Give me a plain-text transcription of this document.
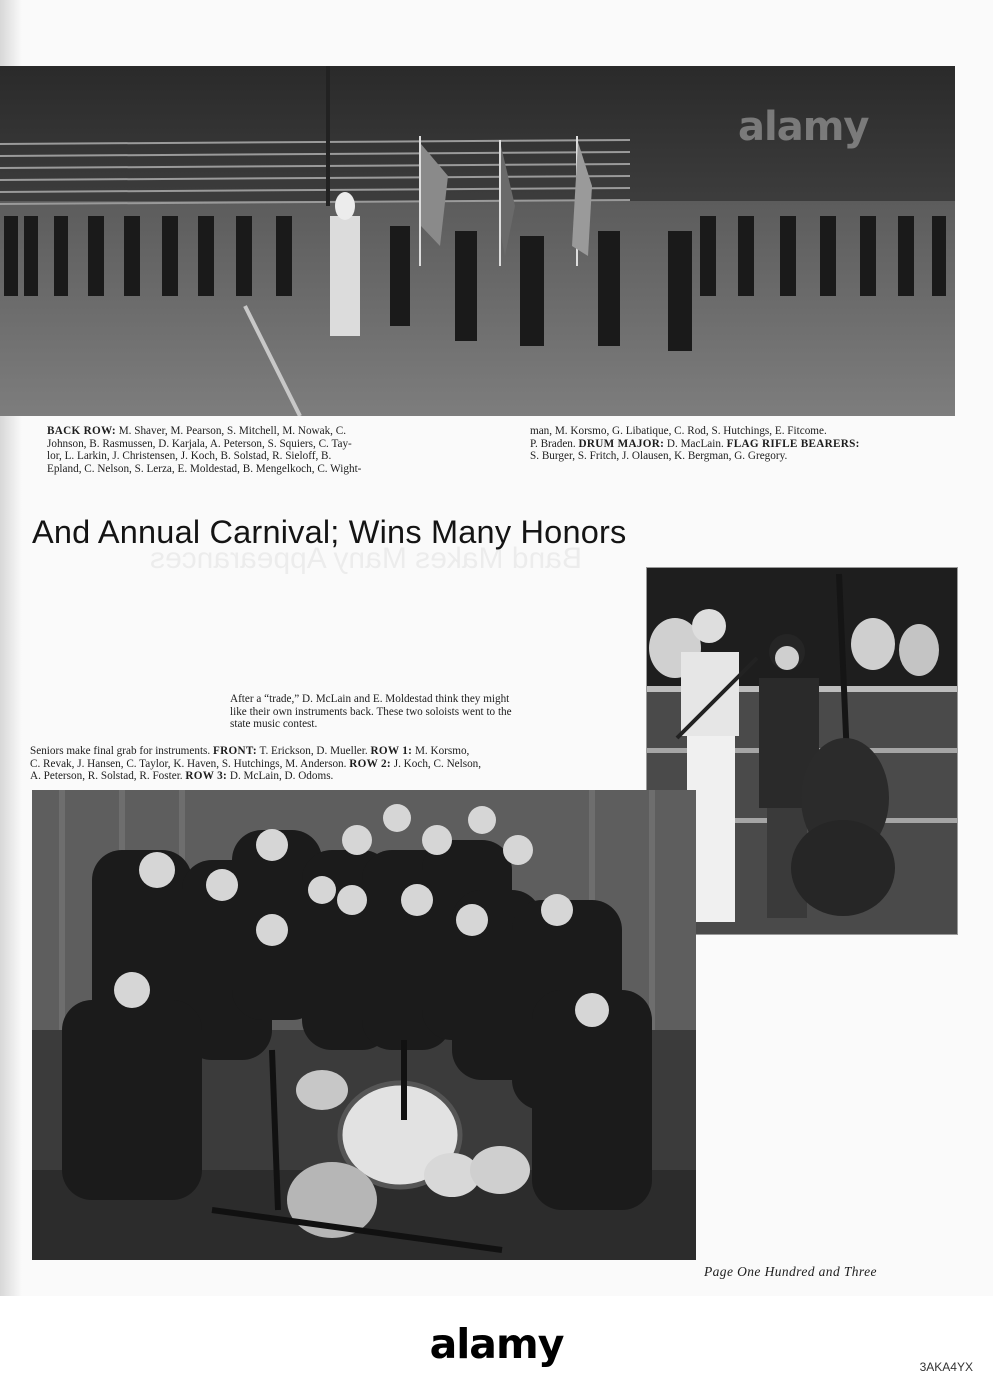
alamy
BACK ROW: M. Shaver, M. Pearson, S. Mitchell, M. Nowak, C.
Johnson, B. Rasmussen, D. Karjala, A. Peterson, S. Squiers, C. Tay-
lor, L. Larkin, J. Christensen, J. Koch, B. Solstad, R. Sieloff, B.
Epland, C. Nelson, S. Lerza, E. Moldestad, B. Mengelkoch, C. Wight-
man, M. Korsmo, G. Libatique, C. Rod, S. Hutchings, E. Fitcome.
P. Braden. DRUM MAJOR: D. MacLain. FLAG RIFLE BEARERS:
S. Burger, S. Fritch, J. Olausen, K. Bergman, G. Gregory.
Band Makes Many Appearances
And Annual Carnival; Wins Many Honors
After a “trade,” D. McLain and E. Moldestad think they might
like their own instruments back. These two soloists went to the
state music contest.
Seniors make final grab for instruments. FRONT: T. Erickson, D. Mueller. ROW 1: M. Korsmo,
C. Revak, J. Hansen, C. Taylor, K. Haven, S. Hutchings, M. Anderson. ROW 2: J. Koch, C. Nelson,
A. Peterson, R. Solstad, R. Foster. ROW 3: D. McLain, D. Odoms.
Page One Hundred and Three
alamy	3AKA4YX
